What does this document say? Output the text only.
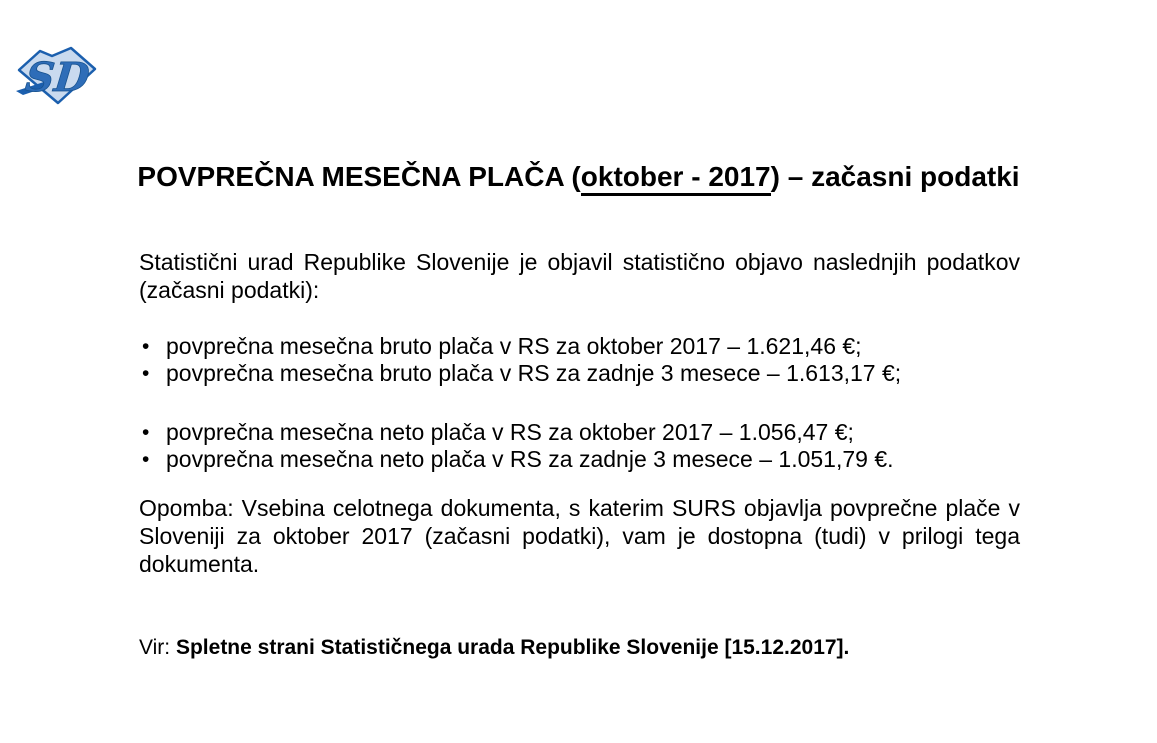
SD
POVPREČNA MESEČNA PLAČA (oktober - 2017) – začasni podatki
Statistični urad Republike Slovenije je objavil statistično objavo naslednjih podatkov
(začasni podatki):
• povprečna mesečna bruto plača v RS za oktober 2017 – 1.621,46 €;
• povprečna mesečna bruto plača v RS za zadnje 3 mesece – 1.613,17 €;
• povprečna mesečna neto plača v RS za oktober 2017 – 1.056,47 €;
• povprečna mesečna neto plača v RS za zadnje 3 mesece – 1.051,79 €.
Opomba: Vsebina celotnega dokumenta, s katerim SURS objavlja povprečne plače v
Sloveniji za oktober 2017 (začasni podatki), vam je dostopna (tudi) v prilogi tega
dokumenta.
Vir: Spletne strani Statističnega urada Republike Slovenije [15.12.2017].
